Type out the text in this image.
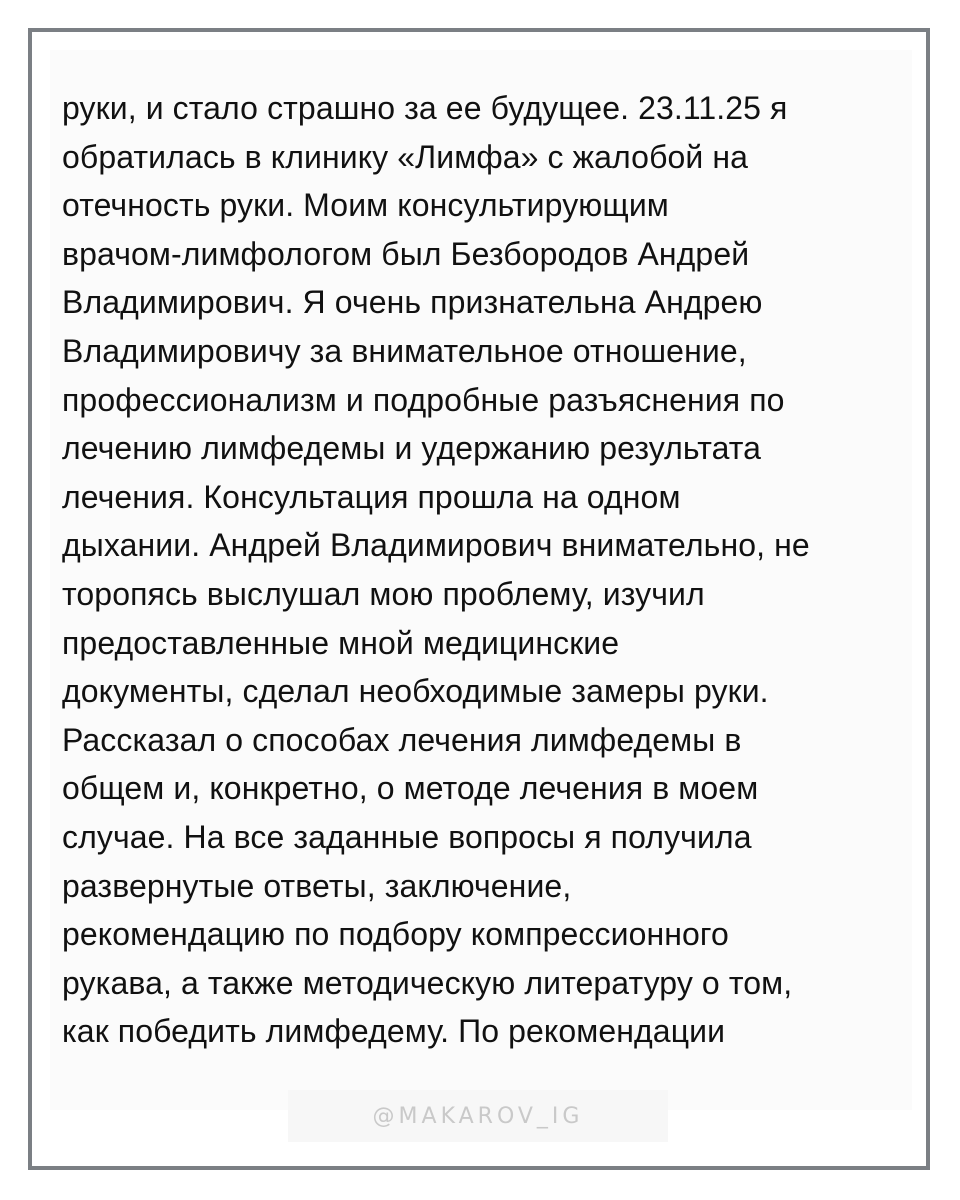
руки, и стало страшно за ее будущее. 23.11.25 я
обратилась в клинику «Лимфа» с жалобой на
отечность руки. Моим консультирующим
врачом-лимфологом был Безбородов Андрей
Владимирович. Я очень признательна Андрею
Владимировичу за внимательное отношение,
профессионализм и подробные разъяснения по
лечению лимфедемы и удержанию результата
лечения. Консультация прошла на одном
дыхании. Андрей Владимирович внимательно, не
торопясь выслушал мою проблему, изучил
предоставленные мной медицинские
документы, сделал необходимые замеры руки.
Рассказал о способах лечения лимфедемы в
общем и, конкретно, о методе лечения в моем
случае. На все заданные вопросы я получила
развернутые ответы, заключение,
рекомендацию по подбору компрессионного
рукава, а также методическую литературу о том,
как победить лимфедему. По рекомендации
@MAKAROV_IG
